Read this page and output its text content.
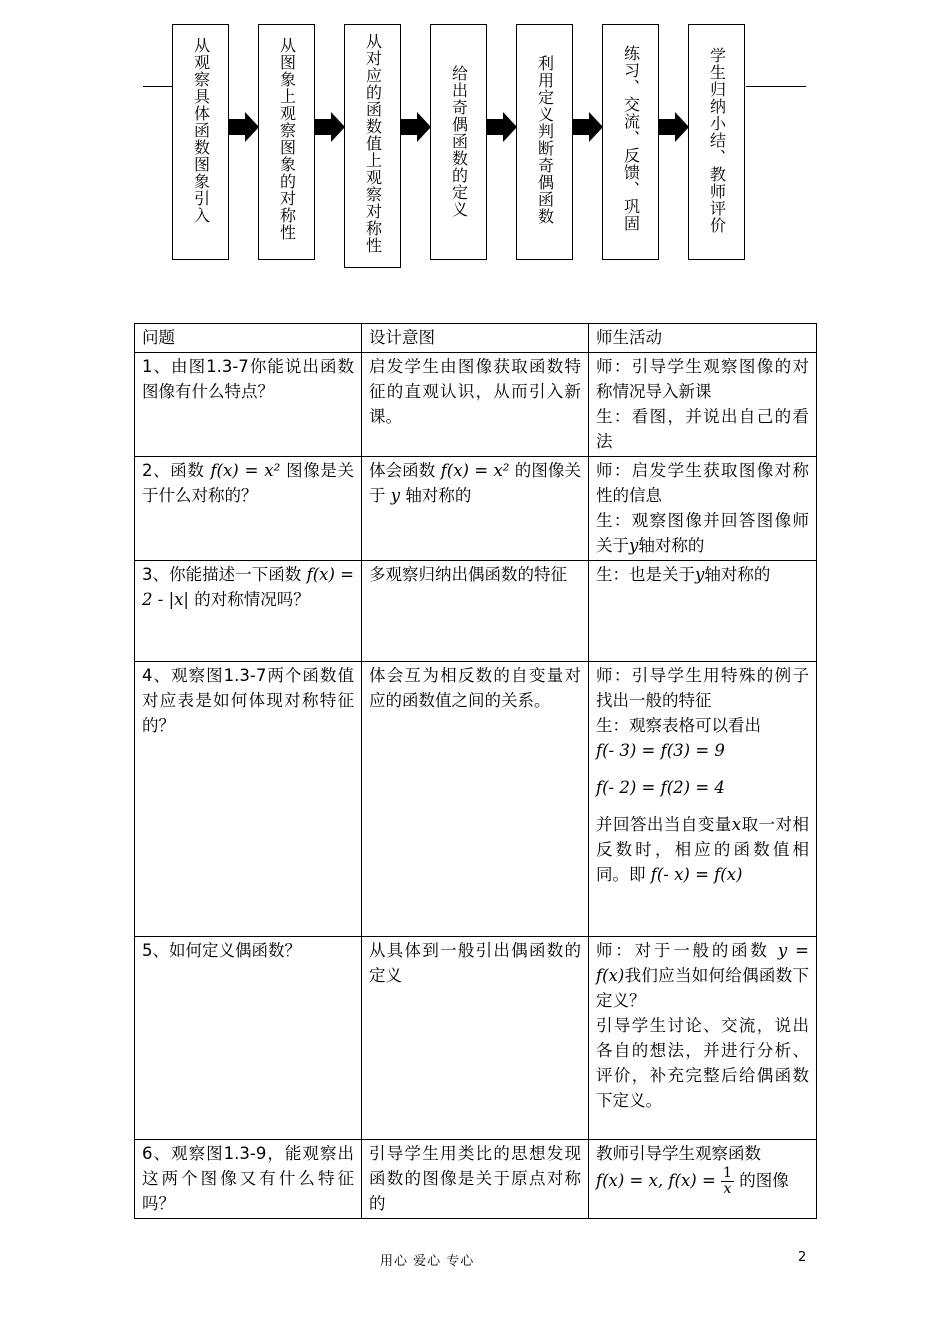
从观察具体函数图象引入	从图象上观察图象的对称性	从对应的函数值上观察对称性	给出奇偶函数的定义	利用定义判断奇偶函数	练习、交流、反馈、巩固	学生归纳小结、教师评价
问题	设计意图	师生活动
1、由图1.3-7你能说出函数图像有什么特点？	启发学生由图像获取函数特征的直观认识，从而引入新课。	师：引导学生观察图像的对称情况导入新课
生：看图，并说出自己的看法

2、函数 f(x) = x² 图像是关于什么对称的？	体会函数 f(x) = x² 的图像关于 y 轴对称的	师：启发学生获取图像对称性的信息
生：观察图像并回答图像师关于y轴对称的

3、你能描述一下函数 f(x) = 2 - |x| 的对称情况吗？	多观察归纳出偶函数的特征	生：也是关于y轴对称的
4、观察图1.3-7两个函数值对应表是如何体现对称特征的？	体会互为相反数的自变量对应的函数值之间的关系。	师：引导学生用特殊的例子找出一般的特征
生：观察表格可以看出
f(- 3) = f(3) = 9
f(- 2) = f(2) = 4
并回答出当自变量x取一对相反数时，相应的函数值相同。即 f(- x) = f(x)

5、如何定义偶函数？	从具体到一般引出偶函数的定义	师：对于一般的函数 y = f(x)我们应当如何给偶函数下定义？
引导学生讨论、交流，说出各自的想法，并进行分析、评价，补充完整后给偶函数下定义。

6、观察图1.3-9，能观察出这两个图像又有什么特征吗？	引导学生用类比的思想发现函数的图像是关于原点对称的	教师引导学生观察函数
f(x) = x, $f(x) = \frac{1}{x}$ 的图像
用心 爱心 专心	2
